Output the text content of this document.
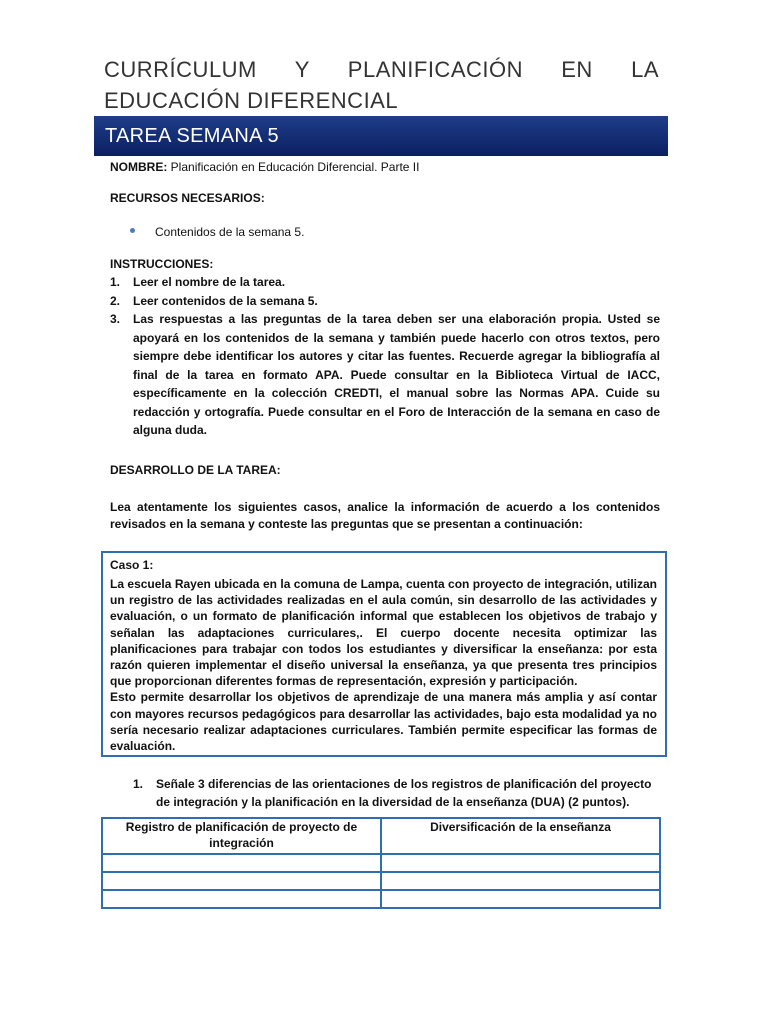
CURRÍCULUM Y PLANIFICACIÓN EN LA
EDUCACIÓN DIFERENCIAL
TAREA SEMANA 5
NOMBRE: Planificación en Educación Diferencial. Parte II
RECURSOS NECESARIOS:
Contenidos de la semana 5.
INSTRUCCIONES:
1. Leer el nombre de la tarea.
2. Leer contenidos de la semana 5.
3. Las respuestas a las preguntas de la tarea deben ser una elaboración propia. Usted se apoyará en los contenidos de la semana y también puede hacerlo con otros textos, pero siempre debe identificar los autores y citar las fuentes. Recuerde agregar la bibliografía al final de la tarea en formato APA. Puede consultar en la Biblioteca Virtual de IACC, específicamente en la colección CREDTI, el manual sobre las Normas APA. Cuide su redacción y ortografía. Puede consultar en el Foro de Interacción de la semana en caso de alguna duda.
DESARROLLO DE LA TAREA:
Lea atentamente los siguientes casos, analice la información de acuerdo a los contenidos revisados en la semana y conteste las preguntas que se presentan a continuación:
Caso 1:
La escuela Rayen ubicada en la comuna de Lampa, cuenta con proyecto de integración, utilizan un registro de las actividades realizadas en el aula común, sin desarrollo de las actividades y evaluación, o un formato de planificación informal que establecen los objetivos de trabajo y señalan las adaptaciones curriculares,. El cuerpo docente necesita optimizar las planificaciones para trabajar con todos los estudiantes y diversificar la enseñanza: por esta razón quieren implementar el diseño universal la enseñanza, ya que presenta tres principios que proporcionan diferentes formas de representación, expresión y participación.
Esto permite desarrollar los objetivos de aprendizaje de una manera más amplia y así contar con mayores recursos pedagógicos para desarrollar las actividades, bajo esta modalidad ya no sería necesario realizar adaptaciones curriculares. También permite especificar las formas de evaluación.
1.	Señale 3 diferencias de las orientaciones de los registros de planificación del proyecto de integración y la planificación en la diversidad de la enseñanza (DUA) (2 puntos).
Registro de planificación de proyecto de integración	Diversificación de la enseñanza
